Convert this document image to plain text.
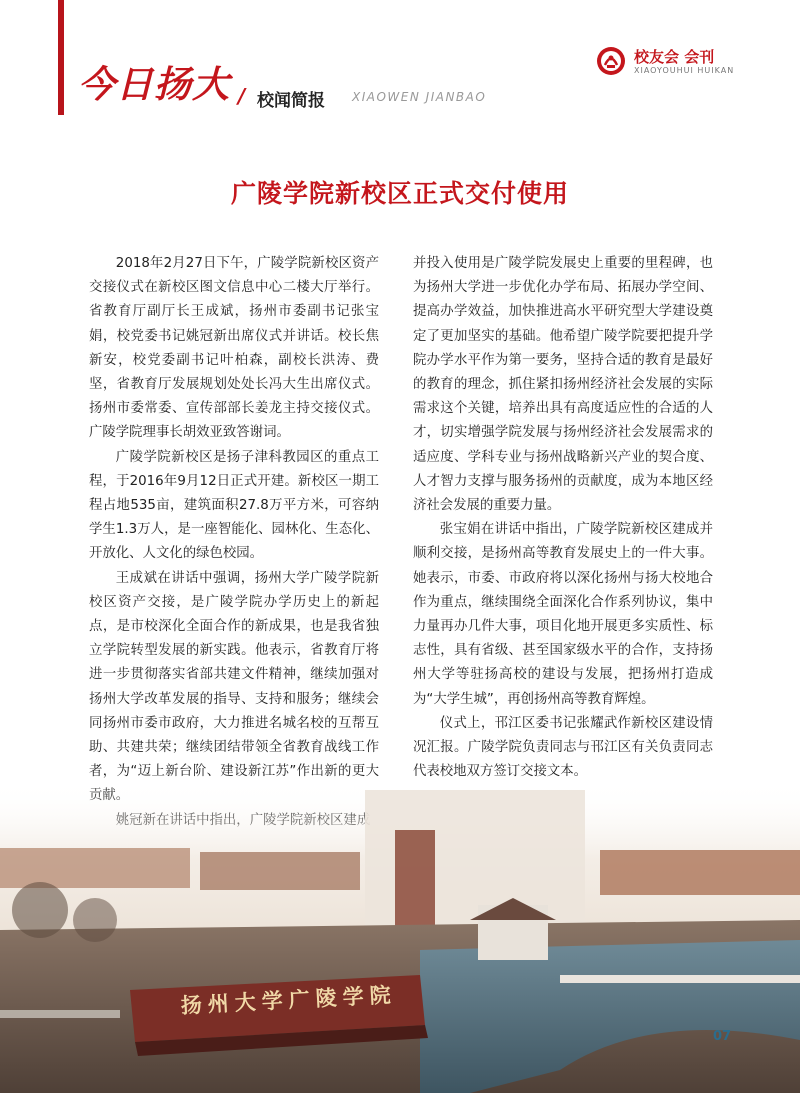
今日扬大 / 校闻简报 XIAOWEN JIANBAO
校友会 会刊
XIAOYOUHUI HUIKAN
广陵学院新校区正式交付使用

2018年2月27日下午，广陵学院新校区资产交接仪式在新校区图文信息中心二楼大厅举行。省教育厅副厅长王成斌，扬州市委副书记张宝娟，校党委书记姚冠新出席仪式并讲话。校长焦新安，校党委副书记叶柏森，副校长洪涛、费坚，省教育厅发展规划处处长冯大生出席仪式。扬州市委常委、宣传部部长姜龙主持交接仪式。广陵学院理事长胡效亚致答谢词。

广陵学院新校区是扬子津科教园区的重点工程，于2016年9月12日正式开建。新校区一期工程占地535亩，建筑面积27.8万平方米，可容纳学生1.3万人，是一座智能化、园林化、生态化、开放化、人文化的绿色校园。

王成斌在讲话中强调，扬州大学广陵学院新校区资产交接，是广陵学院办学历史上的新起点，是市校深化全面合作的新成果，也是我省独立学院转型发展的新实践。他表示，省教育厅将进一步贯彻落实省部共建文件精神，继续加强对扬州大学改革发展的指导、支持和服务；继续会同扬州市委市政府，大力推进名城名校的互帮互助、共建共荣；继续团结带领全省教育战线工作者，为“迈上新台阶、建设新江苏”作出新的更大

并投入使用是广陵学院发展史上重要的里程碑，也为扬州大学进一步优化办学布局、拓展办学空间、提高办学效益，加快推进高水平研究型大学建设奠定了更加坚实的基础。他希望广陵学院要把提升学院办学水平作为第一要务，坚持合适的教育是最好的教育的理念，抓住紧扣扬州经济社会发展的实际需求这个关键，培养出具有高度适应性的合适的人才，切实增强学院发展与扬州经济社会发展需求的适应度、学科专业与扬州战略新兴产业的契合度、人才智力支撑与服务扬州的贡献度，成为本地区经济社会发展的重要力量。

张宝娟在讲话中指出，广陵学院新校区建成并顺利交接，是扬州高等教育发展史上的一件大事。她表示，市委、市政府将以深化扬州与扬大校地合作为重点，继续围绕全面深化合作系列协议，集中力量再办几件大事，项目化地开展更多实质性、标志性，具有省级、甚至国家级水平的合作，支持扬州大学等驻扬高校的建设与发展，把扬州打造成为“大学生城”，再创扬州高等教育辉煌。

仪式上，邗江区委书记张耀武作新校区建设情况汇报。广陵学院负责同志与邗江区有关负责同志代表校地双方签订交接文本。

扬州大学广陵学院
07
